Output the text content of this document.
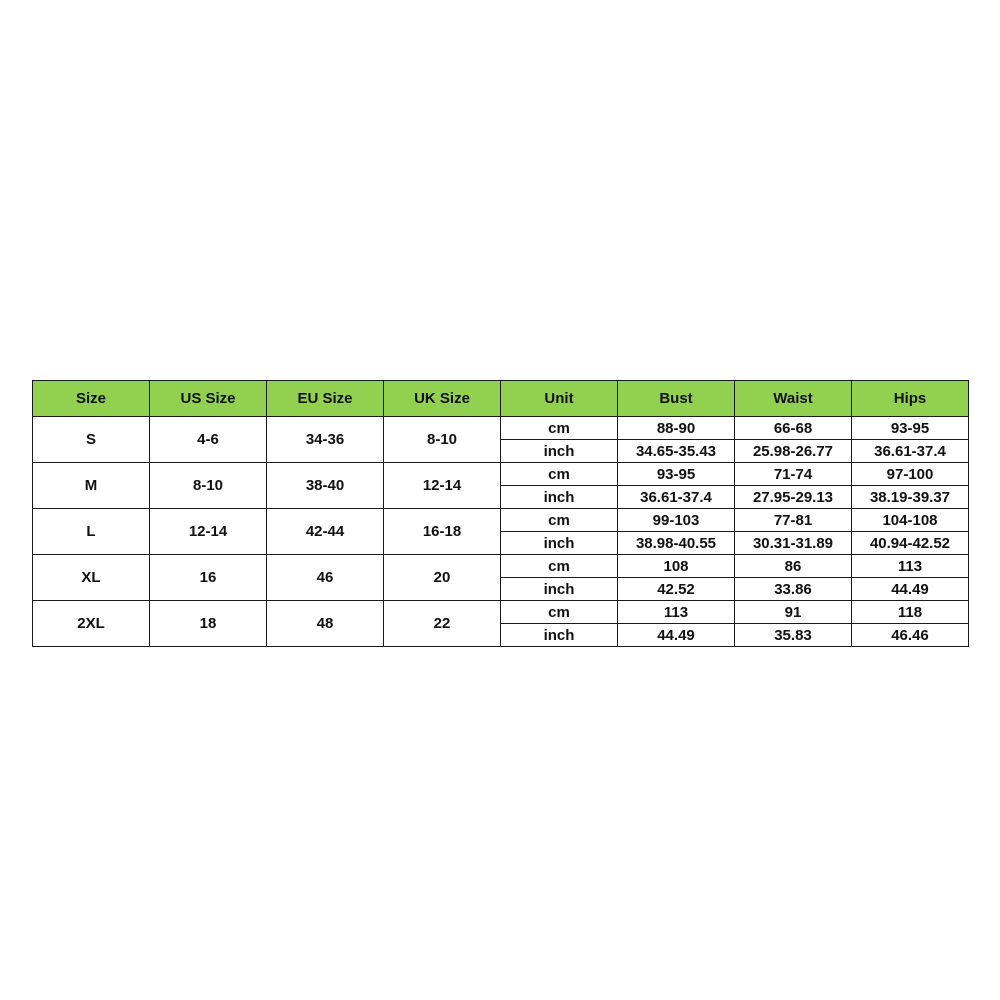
Size	US Size	EU Size	UK Size	Unit	Bust	Waist	Hips
S	4-6	34-36	8-10	cm	88-90	66-68	93-95
				inch	34.65-35.43	25.98-26.77	36.61-37.4
M	8-10	38-40	12-14	cm	93-95	71-74	97-100
				inch	36.61-37.4	27.95-29.13	38.19-39.37
L	12-14	42-44	16-18	cm	99-103	77-81	104-108
				inch	38.98-40.55	30.31-31.89	40.94-42.52
XL	16	46	20	cm	108	86	113
				inch	42.52	33.86	44.49
2XL	18	48	22	cm	113	91	118
				inch	44.49	35.83	46.46
